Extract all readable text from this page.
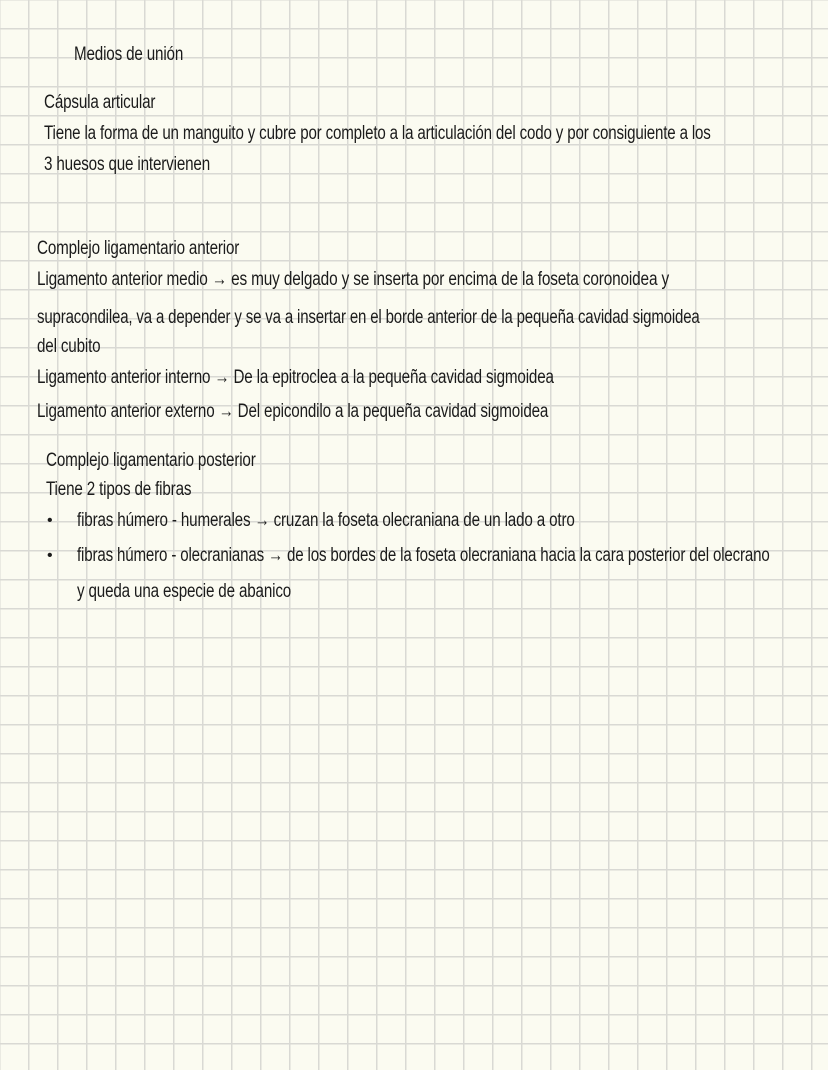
Medios de unión
Cápsula articular
Tiene la forma de un manguito y cubre por completo a la articulación del codo y por consiguiente a los
3 huesos que intervienen
Complejo ligamentario anterior
Ligamento anterior medio → es muy delgado y se inserta por encima de la foseta coronoidea y
supracondilea, va a depender y se va a insertar en el borde anterior de la pequeña cavidad sigmoidea
del cubito
Ligamento anterior interno → De la epitroclea a la pequeña cavidad sigmoidea
Ligamento anterior externo → Del epicondilo a la pequeña cavidad sigmoidea
Complejo ligamentario posterior
Tiene 2 tipos de fibras
• fibras húmero - humerales → cruzan la foseta olecraniana de un lado a otro
• fibras húmero - olecranianas → de los bordes de la foseta olecraniana hacia la cara posterior del olecrano
y queda una especie de abanico
